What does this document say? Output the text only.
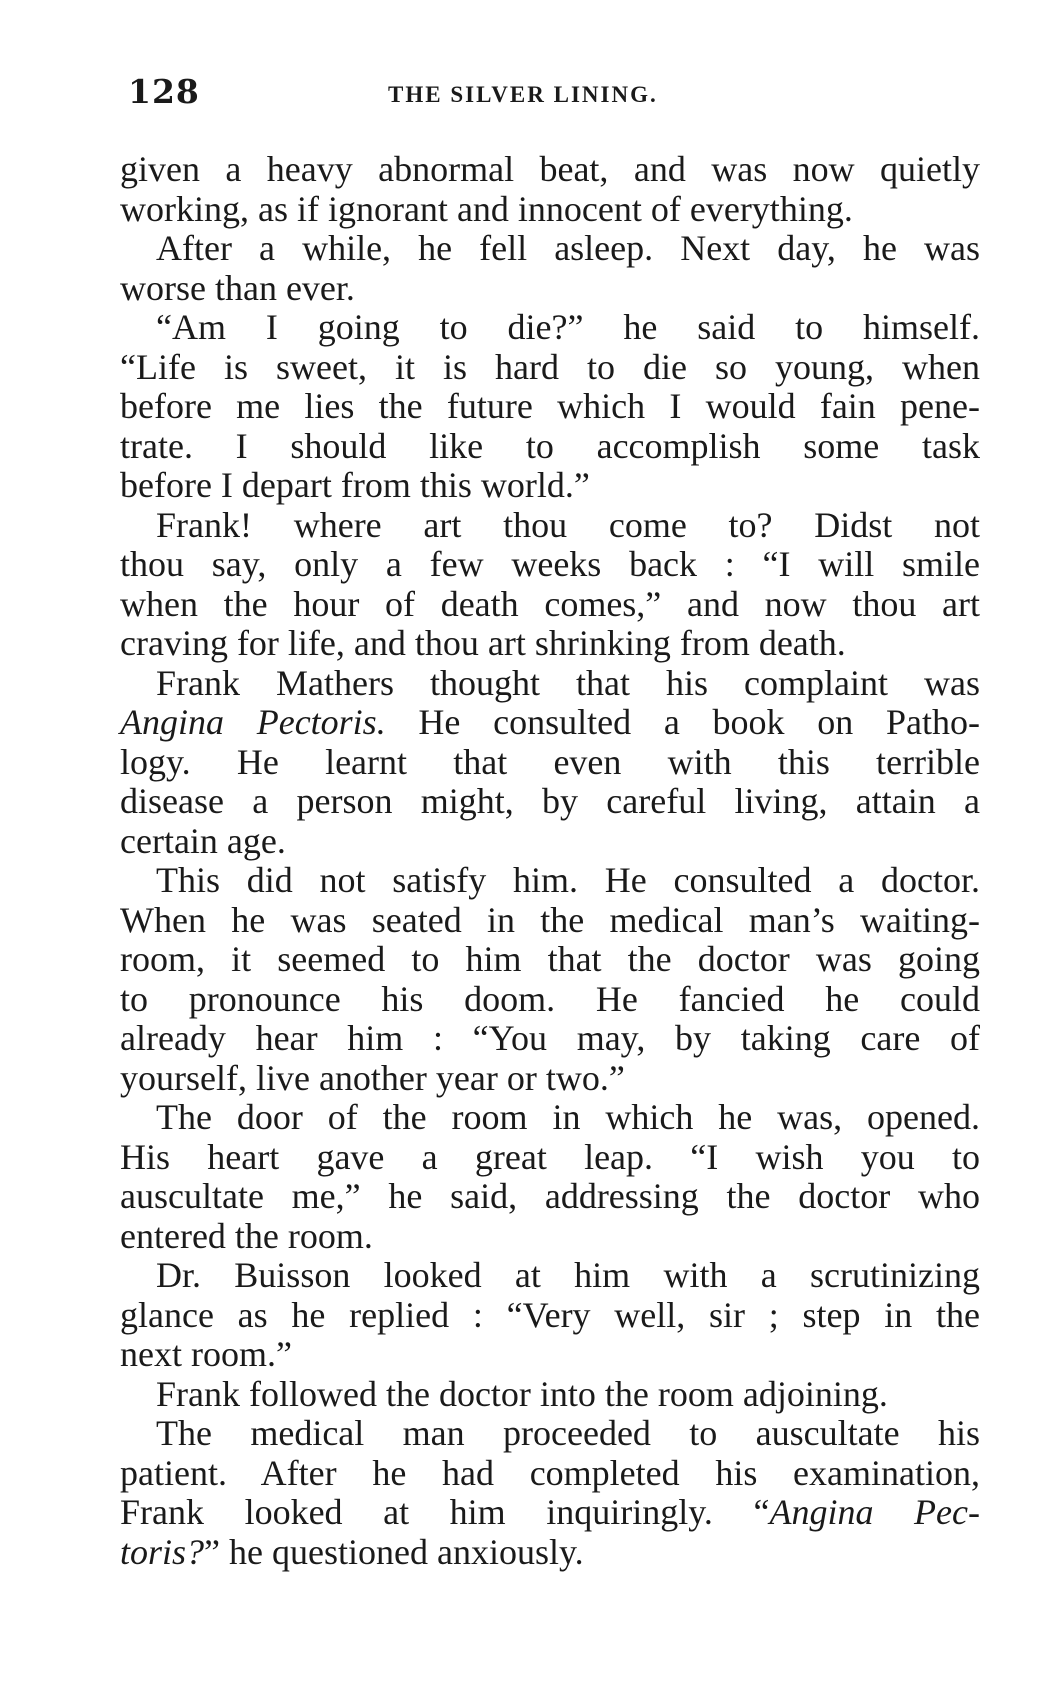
128	THE SILVER LINING.
given a heavy abnormal beat, and was now quietly
working, as if ignorant and innocent of everything.
After a while, he fell asleep. Next day, he was
worse than ever.
“Am I going to die?” he said to himself.
“Life is sweet, it is hard to die so young, when
before me lies the future which I would fain pene-
trate. I should like to accomplish some task
before I depart from this world.”
Frank! where art thou come to? Didst not
thou say, only a few weeks back : “I will smile
when the hour of death comes,” and now thou art
craving for life, and thou art shrinking from death.
Frank Mathers thought that his complaint was
Angina Pectoris. He consulted a book on Patho-
logy. He learnt that even with this terrible
disease a person might, by careful living, attain a
certain age.
This did not satisfy him. He consulted a doctor.
When he was seated in the medical man’s waiting-
room, it seemed to him that the doctor was going
to pronounce his doom. He fancied he could
already hear him : “You may, by taking care of
yourself, live another year or two.”
The door of the room in which he was, opened.
His heart gave a great leap. “I wish you to
auscultate me,” he said, addressing the doctor who
entered the room.
Dr. Buisson looked at him with a scrutinizing
glance as he replied : “Very well, sir ; step in the
next room.”
Frank followed the doctor into the room adjoining.
The medical man proceeded to auscultate his
patient. After he had completed his examination,
Frank looked at him inquiringly. “Angina Pec-
toris?” he questioned anxiously.
